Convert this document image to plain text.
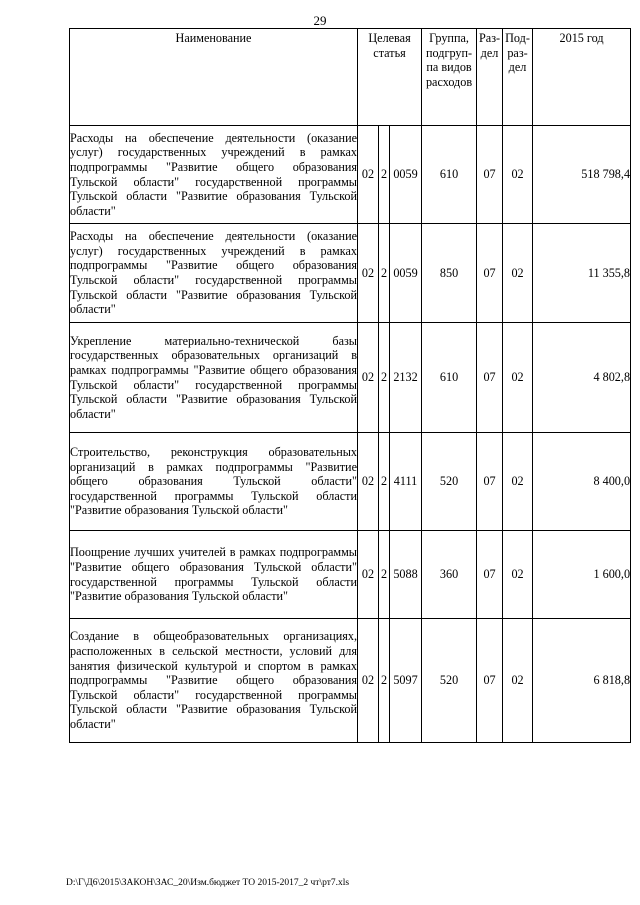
29
Наименование	Целевая статья			Группа, подгруп-па видов расходов	Раз-дел	Под-раз-дел	2015 год
Расходы на обеспечение деятельности (оказание услуг) государственных учреждений в рамках подпрограммы "Развитие общего образования Тульской области" государственной программы Тульской области "Развитие образования Тульской области"	02	2	0059	610	07	02	518 798,4
Расходы на обеспечение деятельности (оказание услуг) государственных учреждений в рамках подпрограммы "Развитие общего образования Тульской области" государственной программы Тульской области "Развитие образования Тульской области"	02	2	0059	850	07	02	11 355,8
Укрепление материально-технической базы государственных образовательных организаций в рамках подпрограммы "Развитие общего образования Тульской области" государственной программы Тульской области "Развитие образования Тульской области"	02	2	2132	610	07	02	4 802,8
Строительство, реконструкция образовательных организаций в рамках подпрограммы "Развитие общего образования Тульской области" государственной программы Тульской области "Развитие образования Тульской области"	02	2	4111	520	07	02	8 400,0
Поощрение лучших учителей в рамках подпрограммы "Развитие общего образования Тульской области" государственной программы Тульской области "Развитие образования Тульской области"	02	2	5088	360	07	02	1 600,0
Создание в общеобразовательных организациях, расположенных в сельской местности, условий для занятия физической культурой и спортом в рамках подпрограммы "Развитие общего образования Тульской области" государственной программы Тульской области "Развитие образования Тульской области"	02	2	5097	520	07	02	6 818,8
D:\Г\Д6\2015\ЗАКОН\ЗАС_20\Изм.бюджет ТО 2015-2017_2 чт\рт7.xls
